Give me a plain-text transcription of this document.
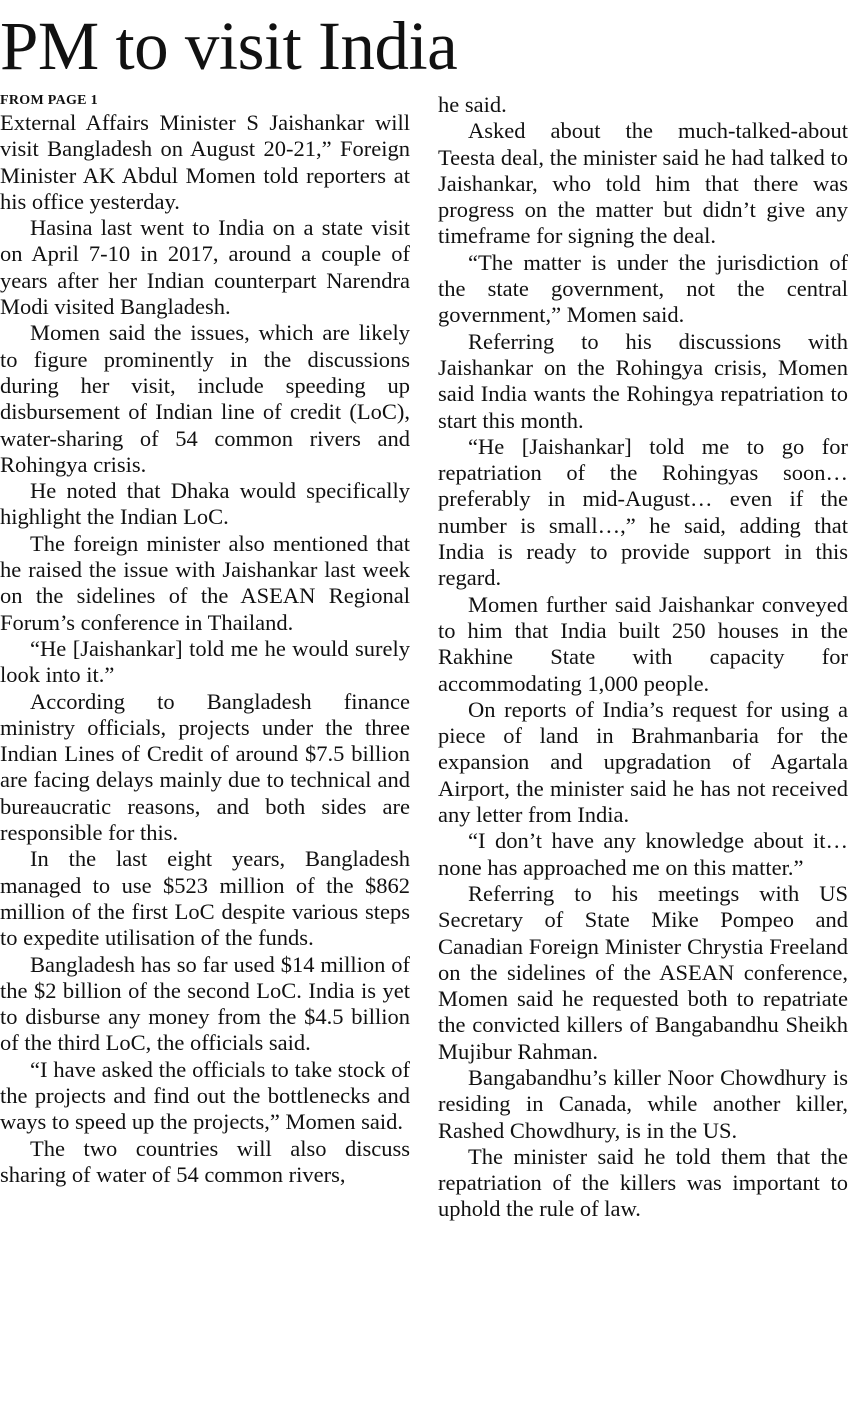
PM to visit India
FROM PAGE 1

External Affairs Minister S Jaishankar will visit Bangladesh on August 20-21,” Foreign Minister AK Abdul Momen told reporters at his office yesterday.

Hasina last went to India on a state visit on April 7-10 in 2017, around a couple of years after her Indian counterpart Narendra Modi visited Bangladesh.

Momen said the issues, which are likely to figure prominently in the discussions during her visit, include speeding up disbursement of Indian line of credit (LoC), water-sharing of 54 common rivers and Rohingya crisis.

He noted that Dhaka would specifically highlight the Indian LoC.

The foreign minister also mentioned that he raised the issue with Jaishankar last week on the sidelines of the ASEAN Regional Forum’s conference in Thailand.

“He [Jaishankar] told me he would surely look into it.”

According to Bangladesh finance ministry officials, projects under the three Indian Lines of Credit of around $7.5 billion are facing delays mainly due to technical and bureaucratic reasons, and both sides are responsible for this.

In the last eight years, Bangladesh managed to use $523 million of the $862 million of the first LoC despite various steps to expedite utilisation of the funds.

Bangladesh has so far used $14 million of the $2 billion of the second LoC. India is yet to disburse any money from the $4.5 billion of the third LoC, the officials said.

“I have asked the officials to take stock of the projects and find out the bottlenecks and ways to speed up the projects,” Momen said.

The two countries will also discuss sharing of water of 54 common rivers,

he said.

Asked about the much-talked-about Teesta deal, the minister said he had talked to Jaishankar, who told him that there was progress on the matter but didn’t give any timeframe for signing the deal.

“The matter is under the jurisdiction of the state government, not the central government,” Momen said.

Referring to his discussions with Jaishankar on the Rohingya crisis, Momen said India wants the Rohingya repatriation to start this month.

“He [Jaishankar] told me to go for repatriation of the Rohingyas soon… preferably in mid-August… even if the number is small…,” he said, adding that India is ready to provide support in this regard.

Momen further said Jaishankar conveyed to him that India built 250 houses in the Rakhine State with capacity for accommodating 1,000 people.

On reports of India’s request for using a piece of land in Brahmanbaria for the expansion and upgradation of Agartala Airport, the minister said he has not received any letter from India.

“I don’t have any knowledge about it… none has approached me on this matter.”

Referring to his meetings with US Secretary of State Mike Pompeo and Canadian Foreign Minister Chrystia Freeland on the sidelines of the ASEAN conference, Momen said he requested both to repatriate the convicted killers of Bangabandhu Sheikh Mujibur Rahman.

Bangabandhu’s killer Noor Chowdhury is residing in Canada, while another killer, Rashed Chowdhury, is in the US.

The minister said he told them that the repatriation of the killers was important to uphold the rule of law.
